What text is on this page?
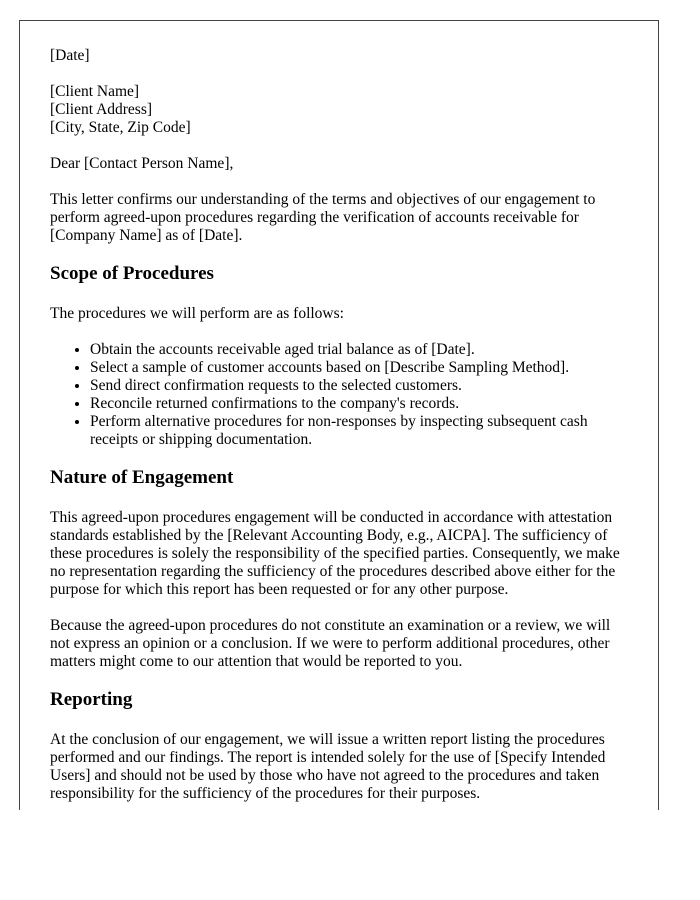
[Date]

[Client Name]
[Client Address]
[City, State, Zip Code]

Dear [Contact Person Name],

This letter confirms our understanding of the terms and objectives of our engagement to perform agreed-upon procedures regarding the verification of accounts receivable for [Company Name] as of [Date].

Scope of Procedures

The procedures we will perform are as follows:

• Obtain the accounts receivable aged trial balance as of [Date].
• Select a sample of customer accounts based on [Describe Sampling Method].
• Send direct confirmation requests to the selected customers.
• Reconcile returned confirmations to the company's records.
• Perform alternative procedures for non-responses by inspecting subsequent cash receipts or shipping documentation.
Nature of Engagement

This agreed-upon procedures engagement will be conducted in accordance with attestation standards established by the [Relevant Accounting Body, e.g., AICPA]. The sufficiency of these procedures is solely the responsibility of the specified parties. Consequently, we make no representation regarding the sufficiency of the procedures described above either for the purpose for which this report has been requested or for any other purpose.

Because the agreed-upon procedures do not constitute an examination or a review, we will not express an opinion or a conclusion. If we were to perform additional procedures, other matters might come to our attention that would be reported to you.

Reporting

At the conclusion of our engagement, we will issue a written report listing the procedures performed and our findings. The report is intended solely for the use of [Specify Intended Users] and should not be used by those who have not agreed to the procedures and taken responsibility for the sufficiency of the procedures for their purposes.
